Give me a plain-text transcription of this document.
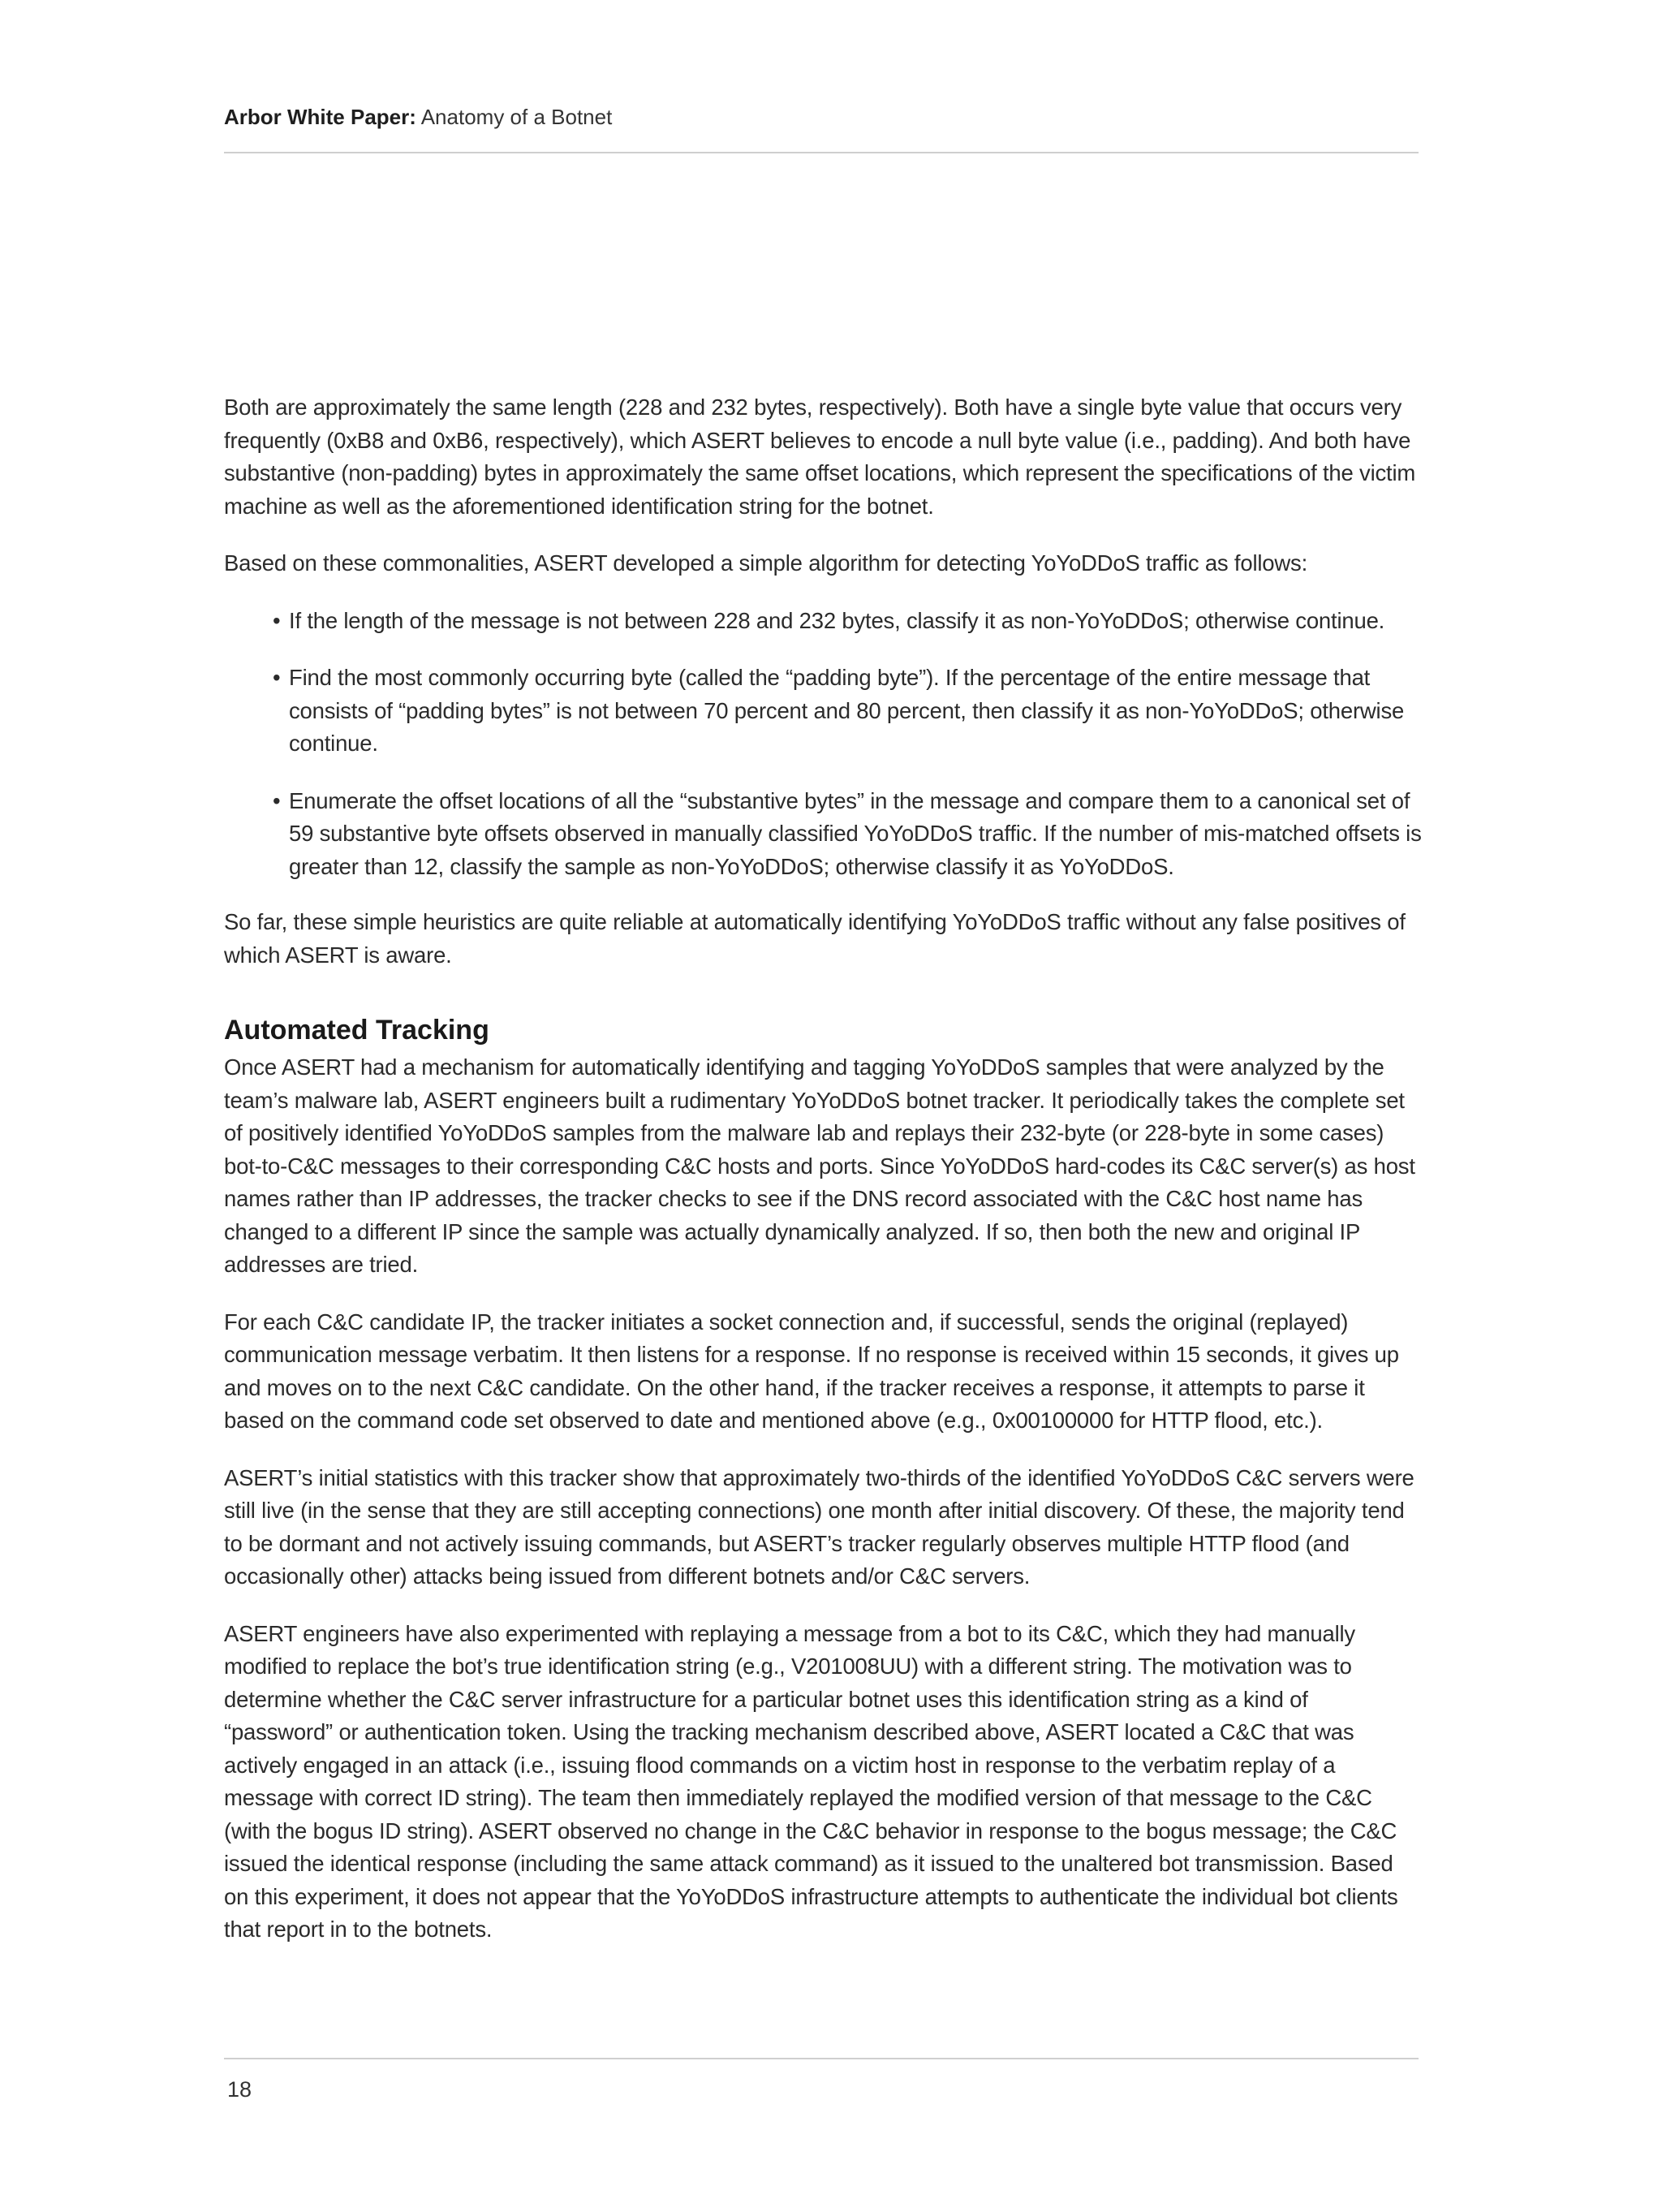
Arbor White Paper: Anatomy of a Botnet

Both are approximately the same length (228 and 232 bytes, respectively). Both have a single byte value that occurs very frequently (0xB8 and 0xB6, respectively), which ASERT believes to encode a null byte value (i.e., padding). And both have substantive (non-padding) bytes in approximately the same offset locations, which represent the specifications of the victim machine as well as the aforementioned identification string for the botnet.

Based on these commonalities, ASERT developed a simple algorithm for detecting YoYoDDoS traffic as follows:

• If the length of the message is not between 228 and 232 bytes, classify it as non-YoYoDDoS; otherwise continue.
• Find the most commonly occurring byte (called the “padding byte”). If the percentage of the entire message that consists of “padding bytes” is not between 70 percent and 80 percent, then classify it as non-YoYoDDoS; otherwise continue.
• Enumerate the offset locations of all the “substantive bytes” in the message and compare them to a canonical set of 59 substantive byte offsets observed in manually classified YoYoDDoS traffic. If the number of mis-matched offsets is greater than 12, classify the sample as non-YoYoDDoS; otherwise classify it as YoYoDDoS.

So far, these simple heuristics are quite reliable at automatically identifying YoYoDDoS traffic without any false positives of which ASERT is aware.

Automated Tracking

Once ASERT had a mechanism for automatically identifying and tagging YoYoDDoS samples that were analyzed by the team’s malware lab, ASERT engineers built a rudimentary YoYoDDoS botnet tracker. It periodically takes the complete set of positively identified YoYoDDoS samples from the malware lab and replays their 232-byte (or 228-byte in some cases) bot-to-C&C messages to their corresponding C&C hosts and ports. Since YoYoDDoS hard-codes its C&C server(s) as host names rather than IP addresses, the tracker checks to see if the DNS record associated with the C&C host name has changed to a different IP since the sample was actually dynamically analyzed. If so, then both the new and original IP addresses are tried.

For each C&C candidate IP, the tracker initiates a socket connection and, if successful, sends the original (replayed) communication message verbatim. It then listens for a response. If no response is received within 15 seconds, it gives up and moves on to the next C&C candidate. On the other hand, if the tracker receives a response, it attempts to parse it based on the command code set observed to date and mentioned above (e.g., 0x00100000 for HTTP flood, etc.).

ASERT’s initial statistics with this tracker show that approximately two-thirds of the identified YoYoDDoS C&C servers were still live (in the sense that they are still accepting connections) one month after initial discovery. Of these, the majority tend to be dormant and not actively issuing commands, but ASERT’s tracker regularly observes multiple HTTP flood (and occasionally other) attacks being issued from different botnets and/or C&C servers.

ASERT engineers have also experimented with replaying a message from a bot to its C&C, which they had manually modified to replace the bot’s true identification string (e.g., V201008UU) with a different string. The motivation was to determine whether the C&C server infrastructure for a particular botnet uses this identification string as a kind of “password” or authentication token. Using the tracking mechanism described above, ASERT located a C&C that was actively engaged in an attack (i.e., issuing flood commands on a victim host in response to the verbatim replay of a message with correct ID string). The team then immediately replayed the modified version of that message to the C&C (with the bogus ID string). ASERT observed no change in the C&C behavior in response to the bogus message; the C&C issued the identical response (including the same attack command) as it issued to the unaltered bot transmission. Based on this experiment, it does not appear that the YoYoDDoS infrastructure attempts to authenticate the individual bot clients that report in to the botnets.

18
